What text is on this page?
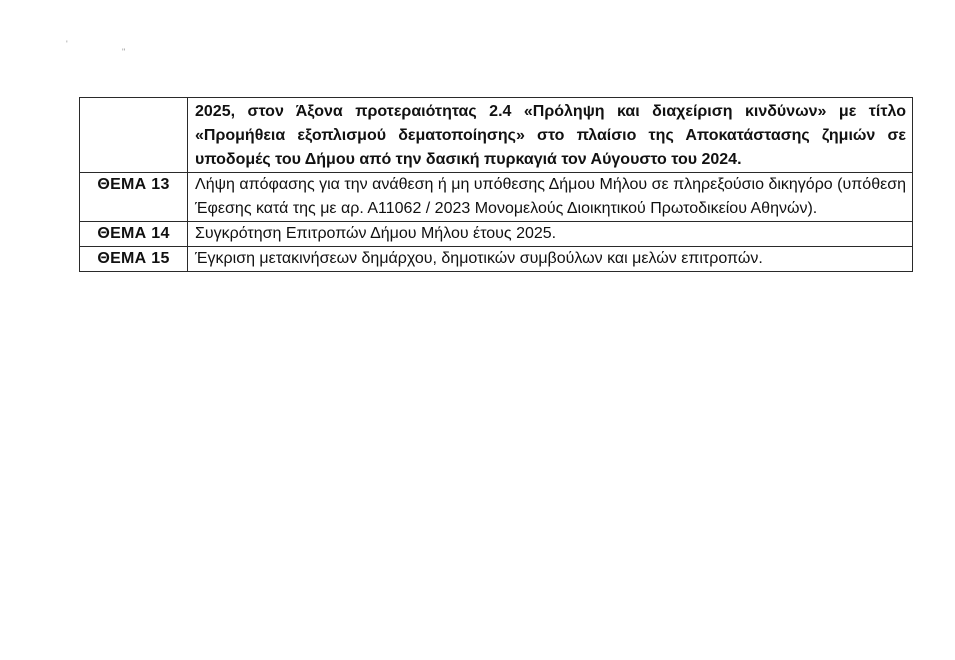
'
"
	2025, στον Άξονα προτεραιότητας 2.4 «Πρόληψη και διαχείριση κινδύνων» με τίτλο «Προμήθεια εξοπλισμού δεματοποίησης» στο πλαίσιο της Αποκατάστασης ζημιών σε υποδομές του Δήμου από την δασική πυρκαγιά τον Αύγουστο του 2024.
ΘΕΜΑ 13	Λήψη απόφασης για την ανάθεση ή μη υπόθεσης Δήμου Μήλου σε πληρεξούσιο δικηγόρο (υπόθεση Έφεσης κατά της με αρ. Α11062 / 2023 Μονομελούς Διοικητικού Πρωτοδικείου Αθηνών).
ΘΕΜΑ 14	Συγκρότηση Επιτροπών Δήμου Μήλου έτους 2025.
ΘΕΜΑ 15	Έγκριση μετακινήσεων δημάρχου, δημοτικών συμβούλων και μελών επιτροπών.
